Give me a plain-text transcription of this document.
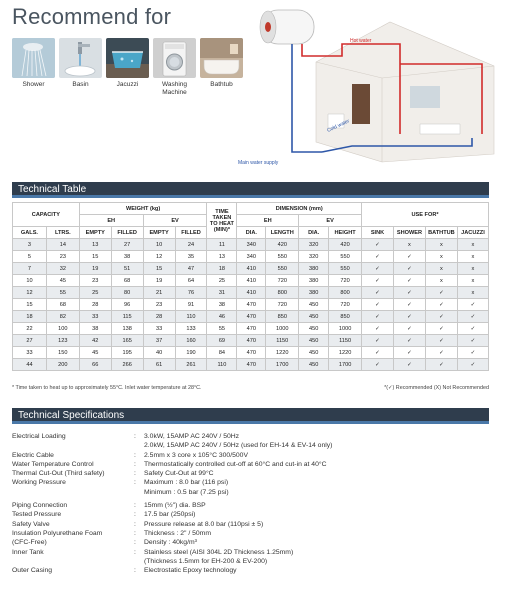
Recommend for
Shower	Basin	Jacuzzi	Washing Machine
Bathtub
Hot water
Cold water
Main water supply
Technical Table
CAPACITY		WEIGHT (kg)				TIME TAKEN TO HEAT (MIN)*	DIMENSION (mm)				USE FOR*			
		EH		EV			EH		EV					
GALS.	LTRS.	EMPTY	FILLED	EMPTY	FILLED		DIA.	LENGTH	DIA.	HEIGHT	SINK	SHOWER	BATHTUB	JACUZZI
3	14	13	27	10	24	11	340	420	320	420	✓	x	x	x
5	23	15	38	12	35	13	340	550	320	550	✓	✓	x	x
7	32	19	51	15	47	18	410	550	380	550	✓	✓	x	x
10	45	23	68	19	64	25	410	720	380	720	✓	✓	x	x
12	55	25	80	21	76	31	410	800	380	800	✓	✓	✓	x
15	68	28	96	23	91	38	470	720	450	720	✓	✓	✓	✓
18	82	33	115	28	110	46	470	850	450	850	✓	✓	✓	✓
22	100	38	138	33	133	55	470	1000	450	1000	✓	✓	✓	✓
27	123	42	165	37	160	69	470	1150	450	1150	✓	✓	✓	✓
33	150	45	195	40	190	84	470	1220	450	1220	✓	✓	✓	✓
44	200	66	266	61	261	110	470	1700	450	1700	✓	✓	✓	✓
* Time taken to heat up to approximately 55°C. Inlet water temperature at 28°C.	*(✓) Recommended (X) Not Recommended
Technical Specifications
Electrical Loading	:	3.0kW, 15AMP AC 240V / 50Hz
2.0kW, 15AMP AC 240V / 50Hz (used for EH-14 & EV-14 only)
Electric Cable	:	2.5mm x 3 core x 105°C 300/500V
Water Temperature Control	:	Thermostatically controlled cut-off at 60°C and cut-in at 40°C
Thermal Cut-Out (Third safety)	:	Safety Cut-Out at 99°C
Working Pressure	:	Maximum : 8.0 bar (116 psi)
Minimum : 0.5 bar (7.25 psi)
Piping Connection	:	15mm (½") dia. BSP
Tested Pressure	:	17.5 bar (250psi)
Safety Valve	:	Pressure release at 8.0 bar (110psi ± 5)
Insulation Polyurethane Foam	:	Thickness : 2" / 50mm
(CFC-Free)	:	Density : 40kg/m³
Inner Tank	:	Stainless steel (AISI 304L 2D Thickness 1.25mm)
(Thickness 1.5mm for EH-200 & EV-200)
Outer Casing	:	Electrostatic Epoxy technology
